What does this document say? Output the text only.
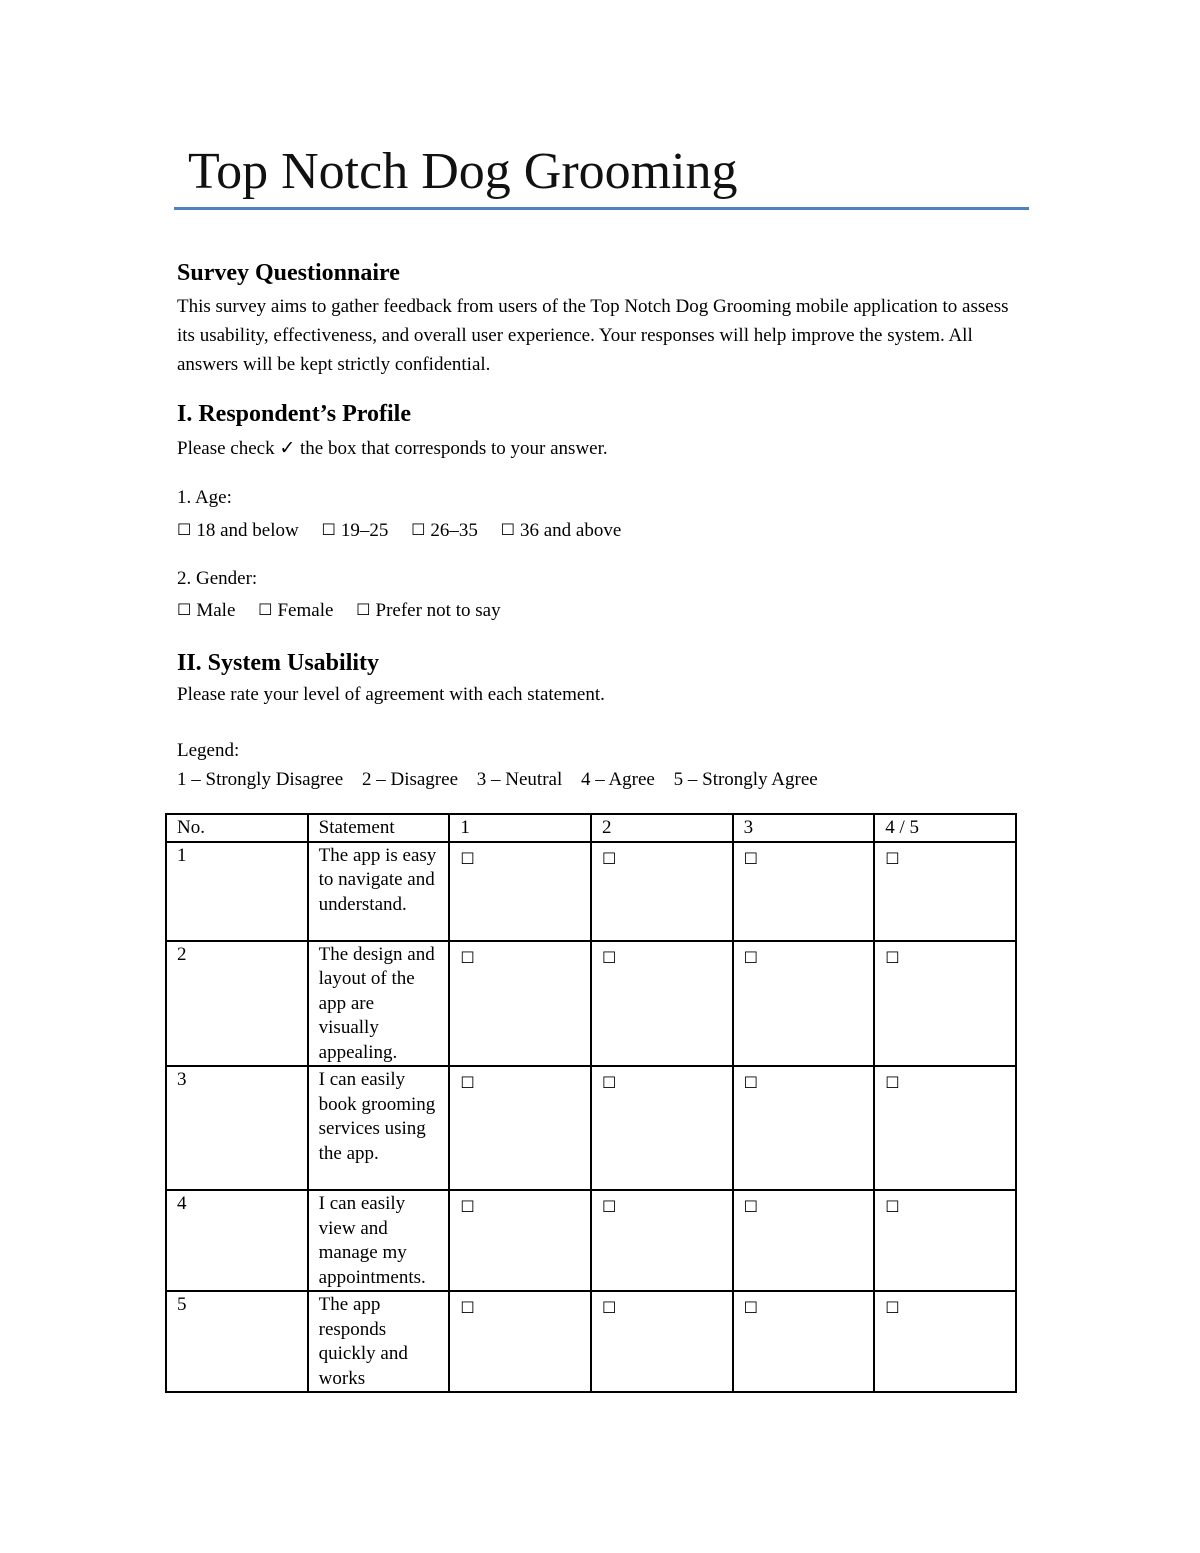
Top Notch Dog Grooming
Survey Questionnaire
This survey aims to gather feedback from users of the Top Notch Dog Grooming mobile application to assess its usability, effectiveness, and overall user experience. Your responses will help improve the system. All answers will be kept strictly confidential.
I. Respondent’s Profile
Please check ✓ the box that corresponds to your answer.
1. Age:
☐ 18 and below ☐ 19–25 ☐ 26–35 ☐ 36 and above
2. Gender:
☐ Male ☐ Female ☐ Prefer not to say
II. System Usability
Please rate your level of agreement with each statement.
Legend:
1 – Strongly Disagree 2 – Disagree 3 – Neutral 4 – Agree 5 – Strongly Agree
No.	Statement	1	2	3	4 / 5
1	The app is easy to navigate and understand.	☐	☐	☐	☐
2	The design and layout of the app are visually appealing.	☐	☐	☐	☐
3	I can easily book grooming services using the app.	☐	☐	☐	☐
4	I can easily view and manage my appointments.	☐	☐	☐	☐
5	The app responds quickly and works	☐	☐	☐	☐
